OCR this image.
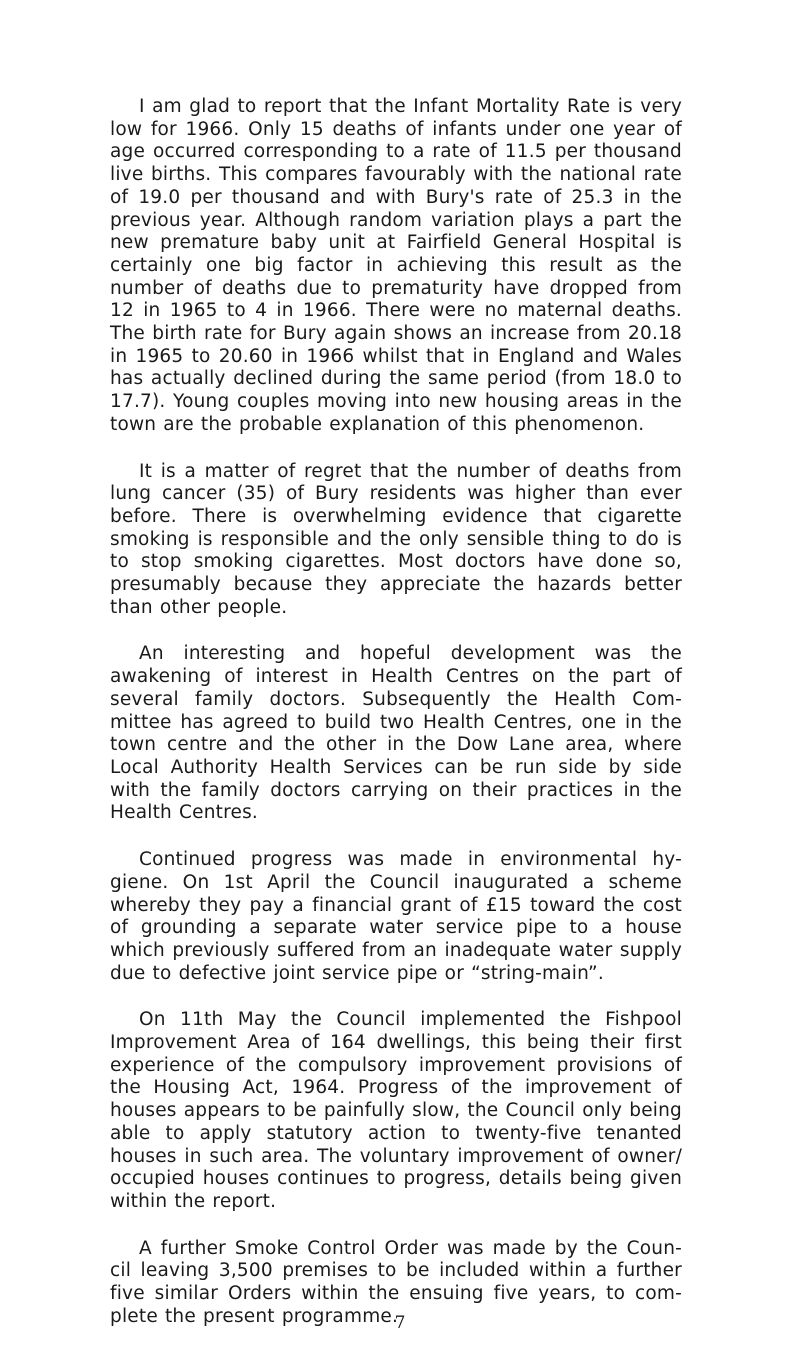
I am glad to report that the Infant Mortality Rate is very low for 1966. Only 15 deaths of infants under one year of age occurred corresponding to a rate of 11.5 per thousand live births. This compares favourably with the national rate of 19.0 per thousand and with Bury's rate of 25.3 in the previous year. Although random variation plays a part the new premature baby unit at Fairfield General Hospital is certainly one big factor in achieving this result as the number of deaths due to prematurity have dropped from 12 in 1965 to 4 in 1966. There were no maternal deaths. The birth rate for Bury again shows an increase from 20.18 in 1965 to 20.60 in 1966 whilst that in England and Wales has actually declined during the same period (from 18.0 to 17.7). Young couples moving into new housing areas in the town are the probable explanation of this phenomenon.

It is a matter of regret that the number of deaths from lung cancer (35) of Bury residents was higher than ever before. There is overwhelming evidence that cigarette smoking is responsible and the only sensible thing to do is to stop smoking cigarettes. Most doctors have done so, presumably because they appreciate the hazards better than other people.

An interesting and hopeful development was the awakening of interest in Health Centres on the part of several family doctors. Subsequently the Health Com-mittee has agreed to build two Health Centres, one in the town centre and the other in the Dow Lane area, where Local Authority Health Services can be run side by side with the family doctors carrying on their practices in the Health Centres.

Continued progress was made in environmental hy-giene. On 1st April the Council inaugurated a scheme whereby they pay a financial grant of £15 toward the cost of grounding a separate water service pipe to a house which previously suffered from an inadequate water supply due to defective joint service pipe or “string-main”.

On 11th May the Council implemented the Fishpool Improvement Area of 164 dwellings, this being their first experience of the compulsory improvement provisions of the Housing Act, 1964. Progress of the improvement of houses appears to be painfully slow, the Council only being able to apply statutory action to twenty-five tenanted houses in such area. The voluntary improvement of owner/ occupied houses continues to progress, details being given within the report.

A further Smoke Control Order was made by the Coun-cil leaving 3,500 premises to be included within a further five similar Orders within the ensuing five years, to com-plete the present programme.

7
